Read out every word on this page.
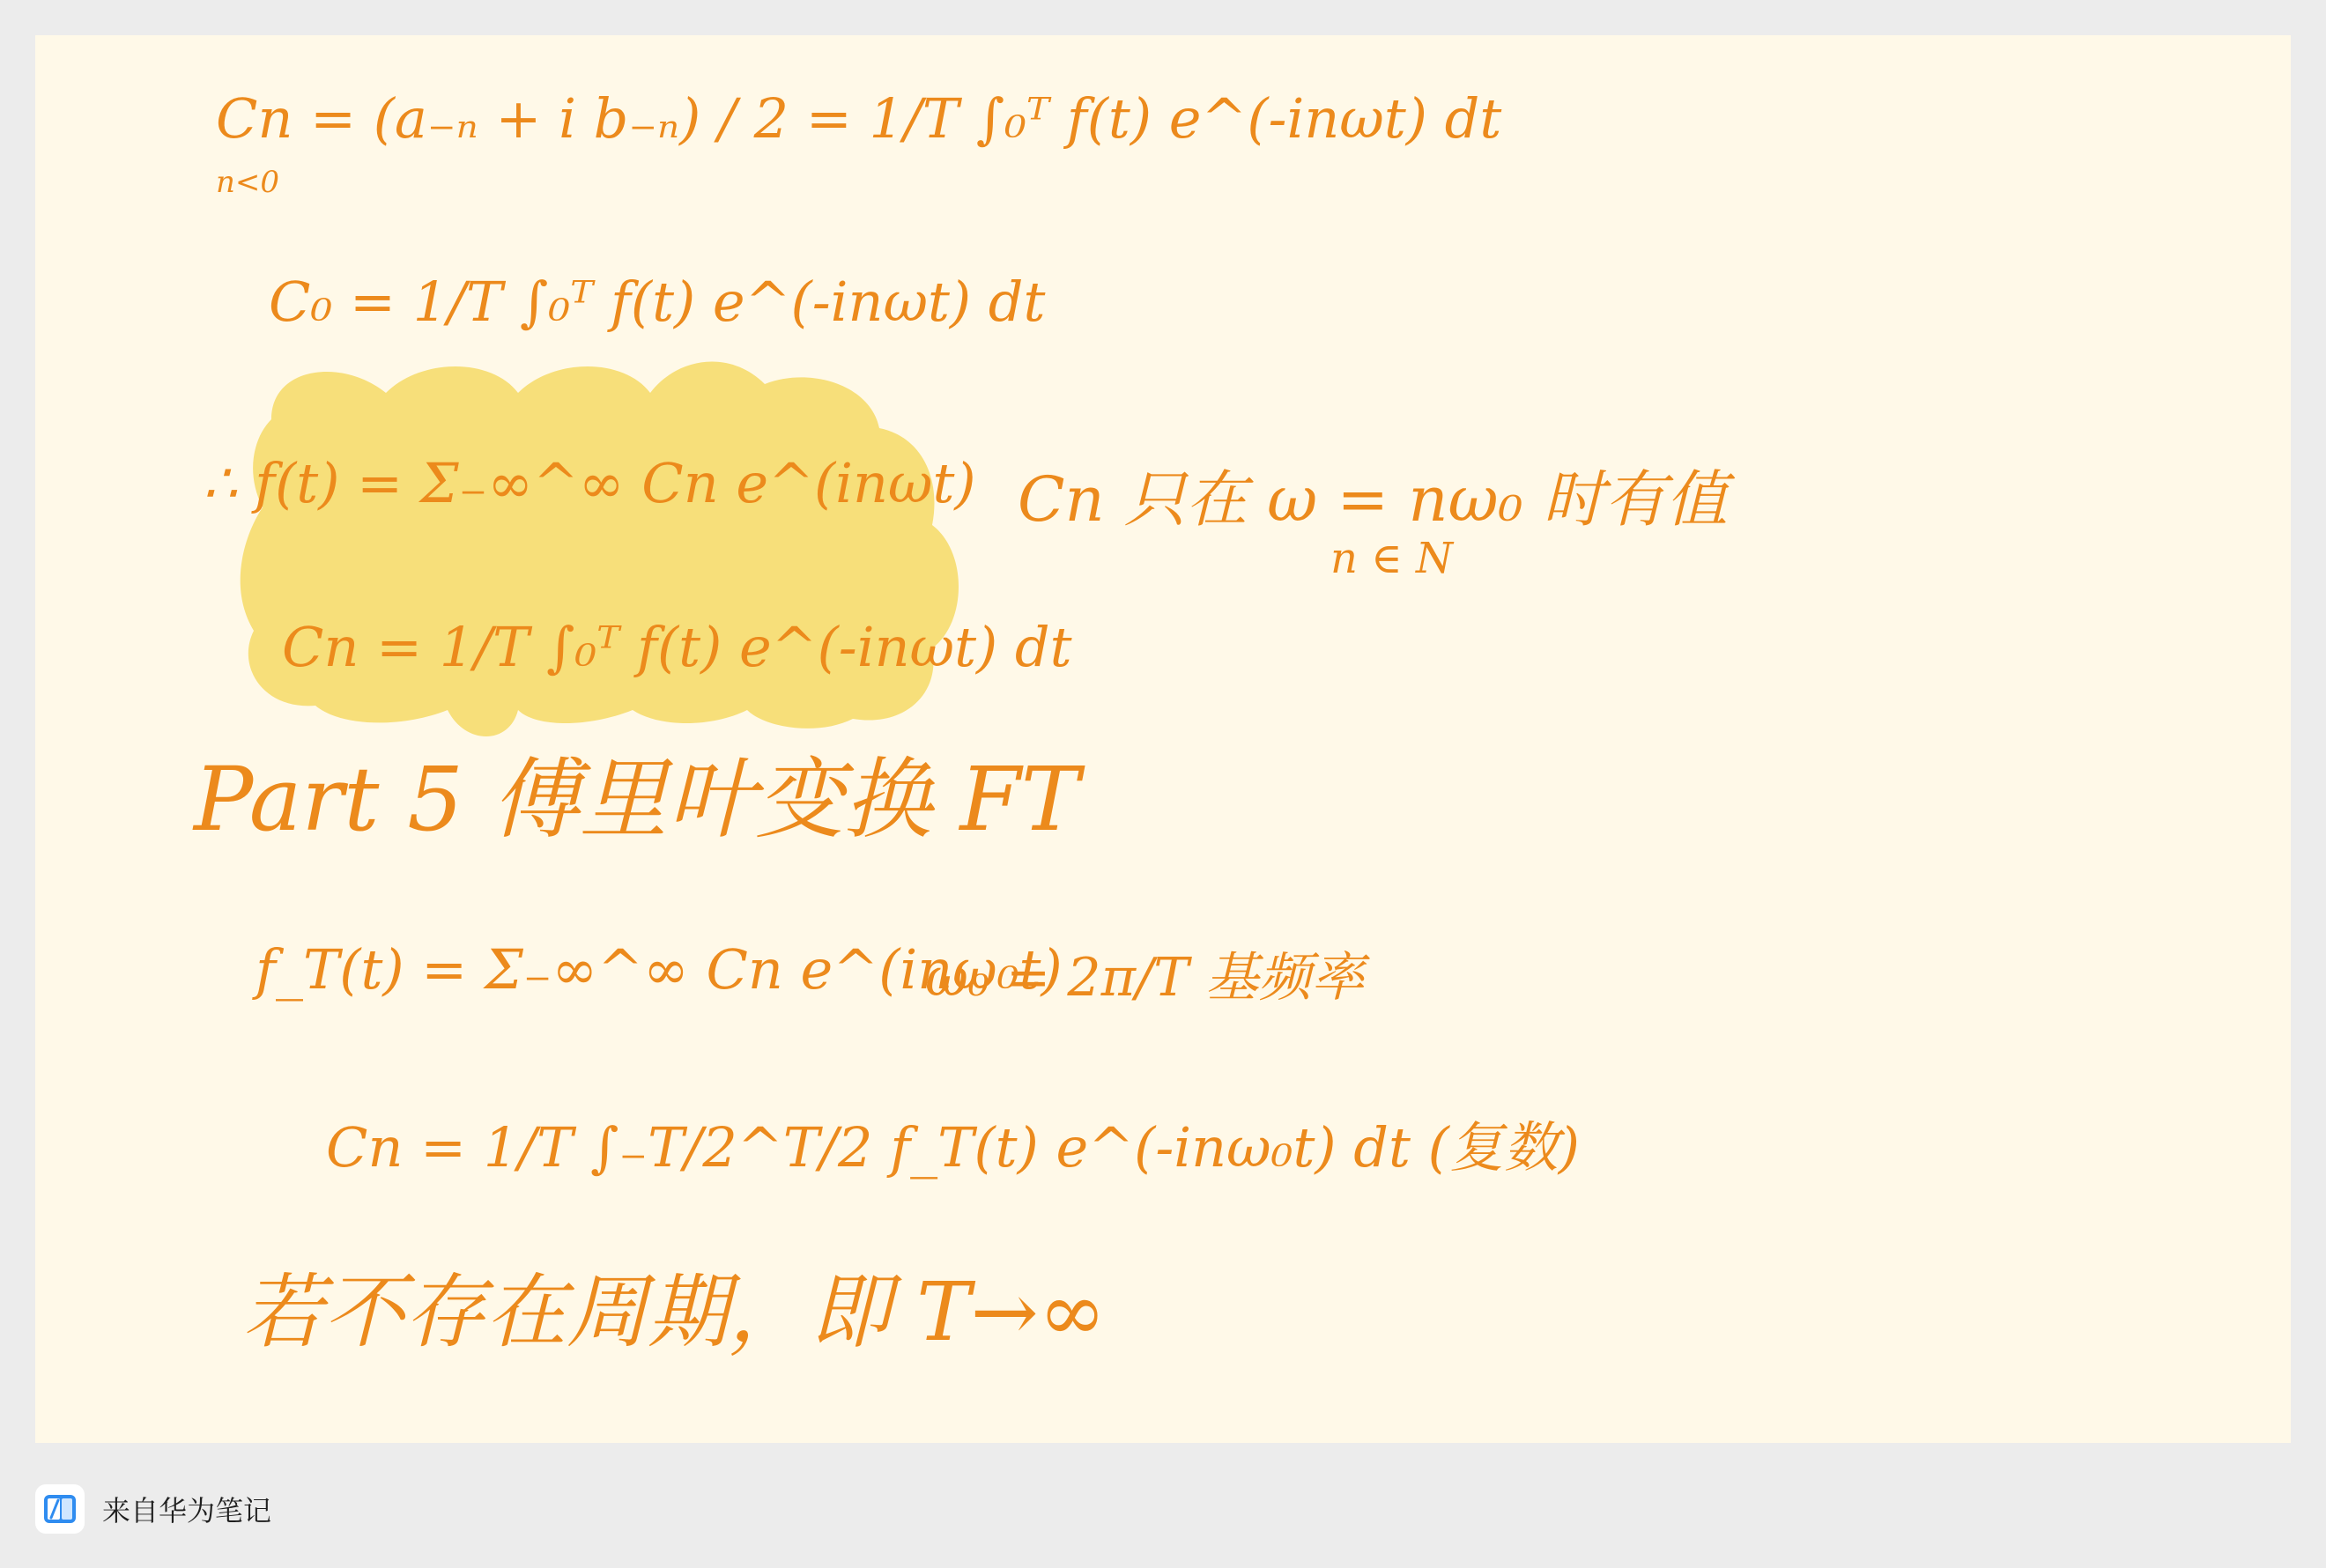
Cn = (a₋ₙ + i b₋ₙ) / 2 = 1/T ∫₀ᵀ f(t) e^(-inωt) dt
n<0
C₀ = 1/T ∫₀ᵀ f(t) e^(-inωt) dt
∴ f(t) = Σ₋∞^∞ Cn e^(inωt) Cn 只在 ω = nω₀ 时有值
n ∈ N
Cn = 1/T ∫₀ᵀ f(t) e^(-inωt) dt
Part 5 傅里叶变换 FT
f_T(t) = Σ₋∞^∞ Cn e^(inω₀t)
ω₀ = 2π/T 基频率
Cn = 1/T ∫₋T/2^T/2 f_T(t) e^(-inω₀t) dt (复数)
若不存在周期，即 T→∞
来自华为笔记
